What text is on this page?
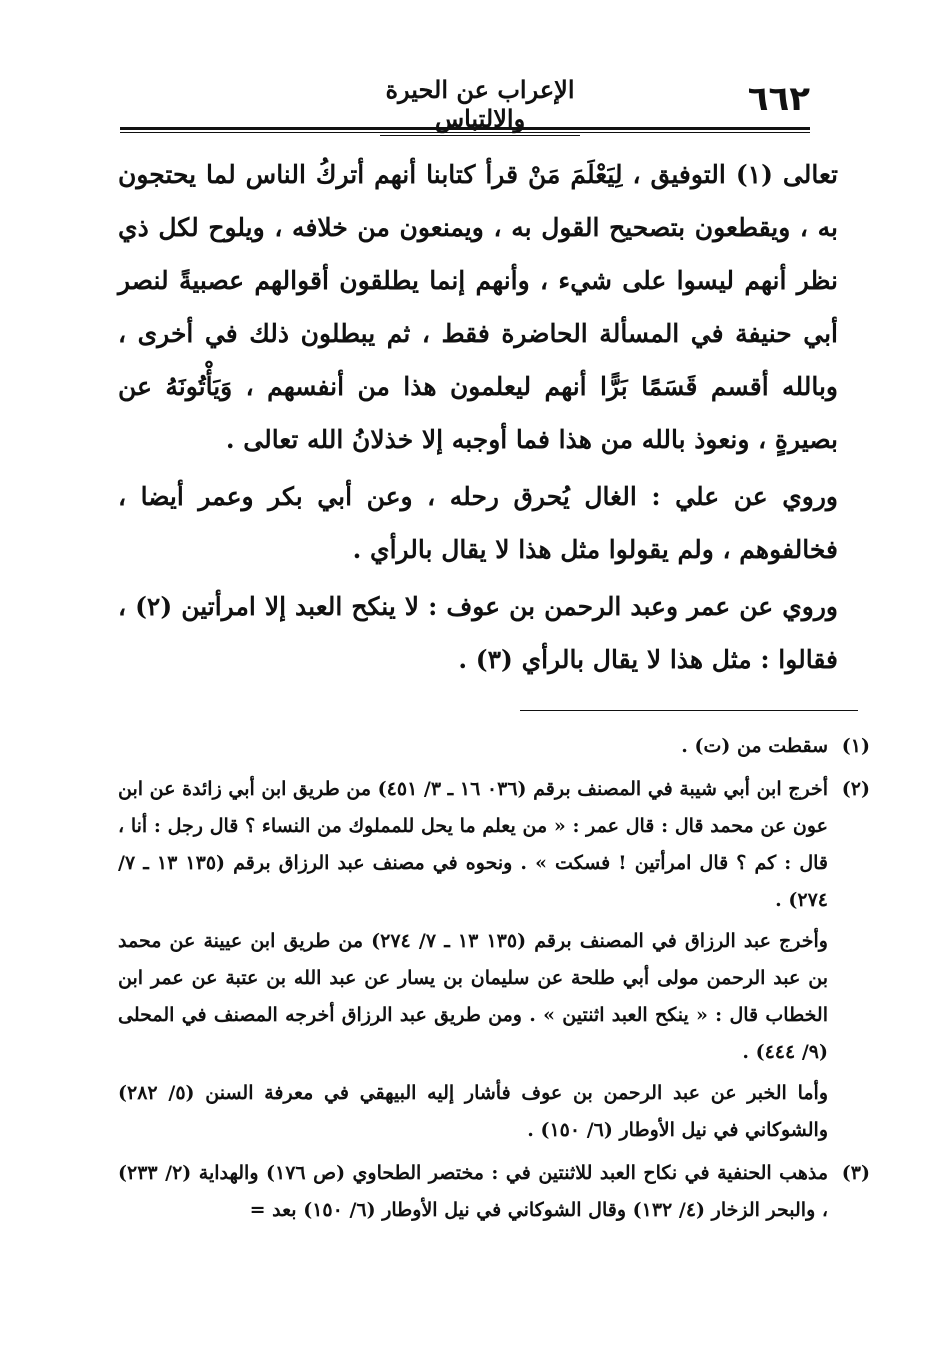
٦٦٢
الإعراب عن الحيرة والالتباس

تعالى (١) التوفيق ، لِيَعْلَمَ مَنْ قرأ كتابنا أنهم أتركُ الناس لما يحتجون به ، ويقطعون بتصحيح القول به ، ويمنعون من خلافه ، ويلوح لكل ذي نظر أنهم ليسوا على شيء ، وأنهم إنما يطلقون أقوالهم عصبيةً لنصر أبي حنيفة في المسألة الحاضرة فقط ، ثم يبطلون ذلك في أخرى ، وبالله أقسم قَسَمًا بَرًّا أنهم ليعلمون هذا من أنفسهم ، وَيَأْتُونَهُ عن بصيرةٍ ، ونعوذ بالله من هذا فما أوجبه إلا خذلانُ الله تعالى .

وروي عن علي : الغال يُحرق رحله ، وعن أبي بكر وعمر أيضا ، فخالفوهم ، ولم يقولوا مثل هذا لا يقال بالرأي .

وروي عن عمر وعبد الرحمن بن عوف : لا ينكح العبد إلا امرأتين (٢) ، فقالوا : مثل هذا لا يقال بالرأي (٣) .

(١)
سقطت من (ت) .
(٢)
أخرج ابن أبي شيبة في المصنف برقم (٠٣٦ ١٦ ـ ٣/ ٤٥١) من طريق ابن أبي زائدة عن ابن عون عن محمد قال : قال عمر : « من يعلم ما يحل للمملوك من النساء ؟ قال رجل : أنا ، قال : كم ؟ قال امرأتين ! فسكت » . ونحوه في مصنف عبد الرزاق برقم (١٣٥ ١٣ ـ ٧/ ٢٧٤) .
وأخرج عبد الرزاق في المصنف برقم (١٣٥ ١٣ ـ ٧/ ٢٧٤) من طريق ابن عيينة عن محمد بن عبد الرحمن مولى أبي طلحة عن سليمان بن يسار عن عبد الله بن عتبة عن عمر ابن الخطاب قال : « ينكح العبد اثنتين » . ومن طريق عبد الرزاق أخرجه المصنف في المحلى (٩/ ٤٤٤) .
وأما الخبر عن عبد الرحمن بن عوف فأشار إليه البيهقي في معرفة السنن (٥/ ٢٨٢) والشوكاني في نيل الأوطار (٦/ ١٥٠) .
(٣)
مذهب الحنفية في نكاح العبد للاثنتين في : مختصر الطحاوي (ص ١٧٦) والهداية (٢/ ٢٣٣) ، والبحر الزخار (٤/ ١٣٢) وقال الشوكاني في نيل الأوطار (٦/ ١٥٠) بعد =
